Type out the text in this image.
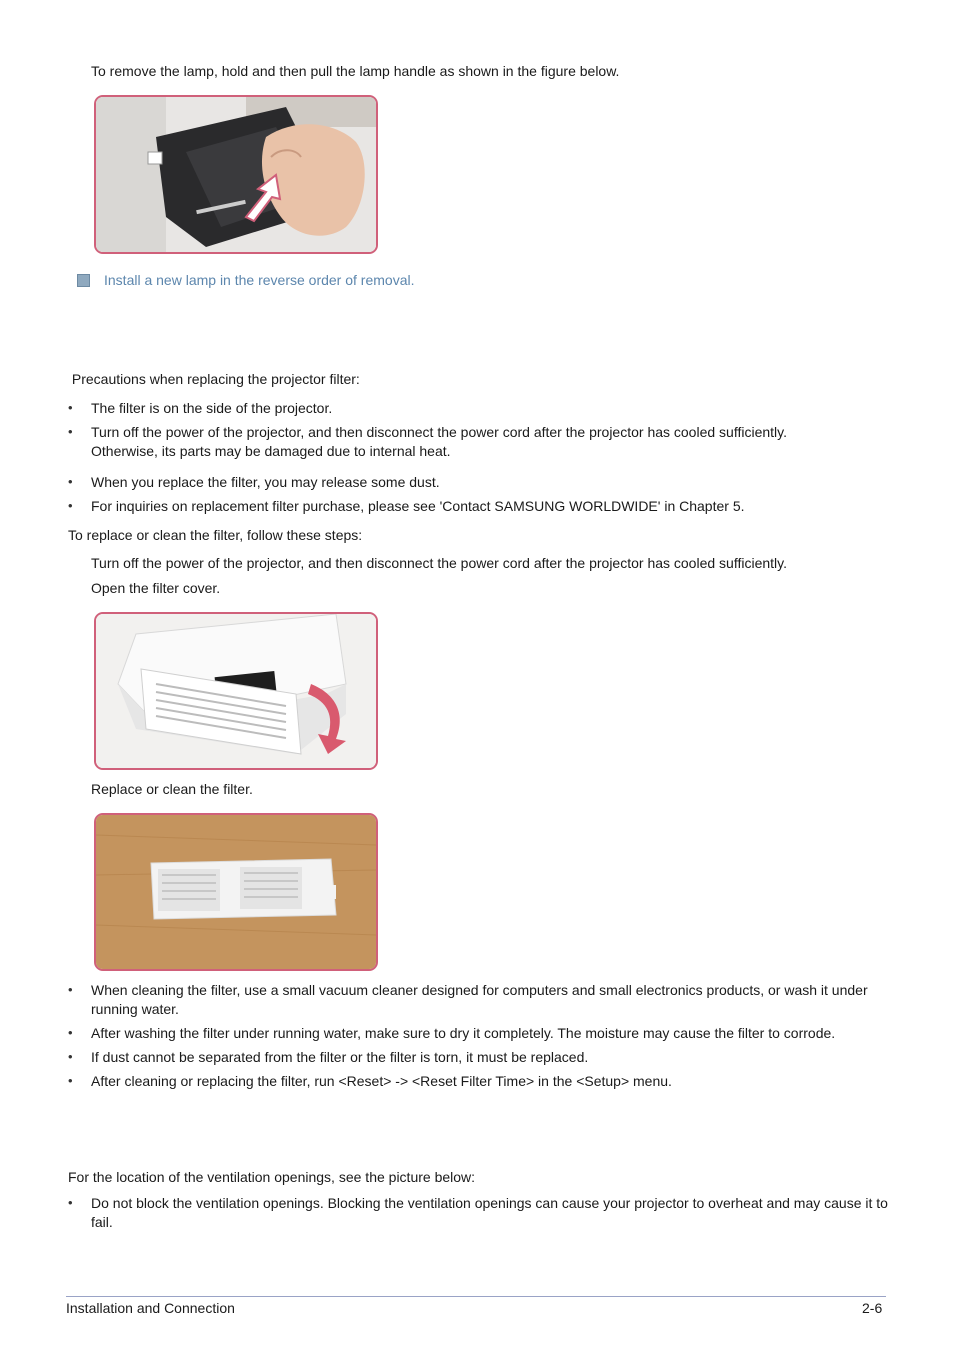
To remove the lamp, hold and then pull the lamp handle as shown in the figure below.
Install a new lamp in the reverse order of removal.
Precautions when replacing the projector filter:
• The filter is on the side of the projector.
• Turn off the power of the projector, and then disconnect the power cord after the projector has cooled sufficiently. Otherwise, its parts may be damaged due to internal heat.
• When you replace the filter, you may release some dust.
• For inquiries on replacement filter purchase, please see 'Contact SAMSUNG WORLDWIDE' in Chapter 5.
To replace or clean the filter, follow these steps:
Turn off the power of the projector, and then disconnect the power cord after the projector has cooled sufficiently.
Open the filter cover.
Replace or clean the filter.
• When cleaning the filter, use a small vacuum cleaner designed for computers and small electronics products, or wash it under running water.
• After washing the filter under running water, make sure to dry it completely. The moisture may cause the filter to corrode.
• If dust cannot be separated from the filter or the filter is torn, it must be replaced.
• After cleaning or replacing the filter, run <Reset> -> <Reset Filter Time> in the <Setup> menu.
For the location of the ventilation openings, see the picture below:
• Do not block the ventilation openings. Blocking the ventilation openings can cause your projector to overheat and may cause it to fail.
Installation and Connection	2-6
